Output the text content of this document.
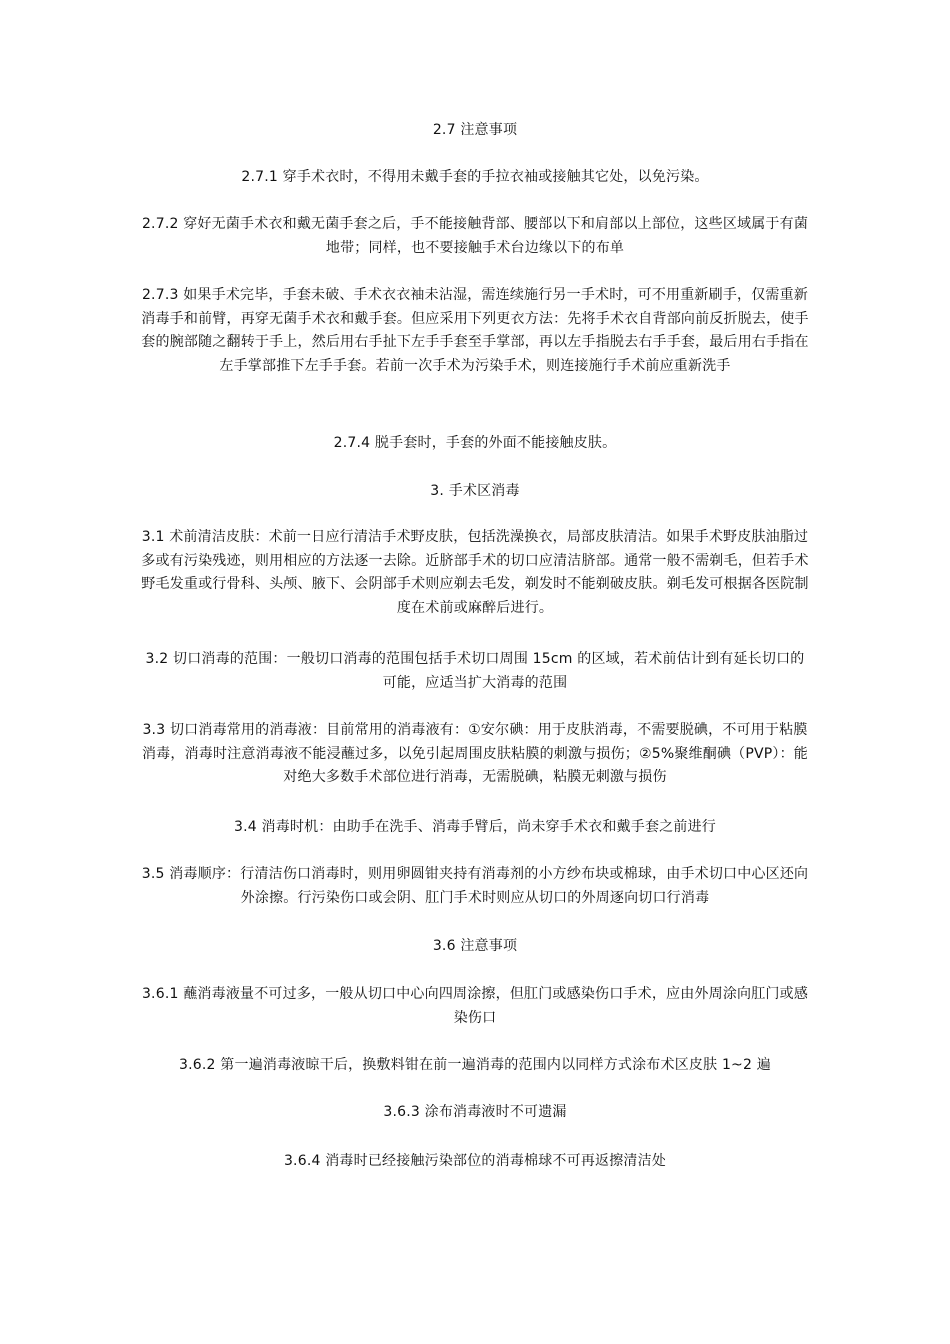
2.7 注意事项

2.7.1 穿手术衣时，不得用未戴手套的手拉衣袖或接触其它处，以免污染。

2.7.2 穿好无菌手术衣和戴无菌手套之后，手不能接触背部、腰部以下和肩部以上部位，这些区域属于有菌地带；同样，也不要接触手术台边缘以下的布单

2.7.3 如果手术完毕，手套未破、手术衣衣袖未沾湿，需连续施行另一手术时，可不用重新刷手，仅需重新消毒手和前臂，再穿无菌手术衣和戴手套。但应采用下列更衣方法：先将手术衣自背部向前反折脱去，使手套的腕部随之翻转于手上，然后用右手扯下左手手套至手掌部，再以左手指脱去右手手套，最后用右手指在左手掌部推下左手手套。若前一次手术为污染手术，则连接施行手术前应重新洗手

2.7.4 脱手套时，手套的外面不能接触皮肤。

3. 手术区消毒

3.1 术前清洁皮肤：术前一日应行清洁手术野皮肤，包括洗澡换衣，局部皮肤清洁。如果手术野皮肤油脂过多或有污染残迹，则用相应的方法逐一去除。近脐部手术的切口应清洁脐部。通常一般不需剃毛，但若手术野毛发重或行骨科、头颅、腋下、会阴部手术则应剃去毛发，剃发时不能剃破皮肤。剃毛发可根据各医院制度在术前或麻醉后进行。

3.2 切口消毒的范围：一般切口消毒的范围包括手术切口周围 15cm 的区域，若术前估计到有延长切口的可能，应适当扩大消毒的范围

3.3 切口消毒常用的消毒液：目前常用的消毒液有：①安尔碘：用于皮肤消毒，不需要脱碘，不可用于粘膜消毒，消毒时注意消毒液不能浸蘸过多，以免引起周围皮肤粘膜的刺激与损伤；②5%聚维酮碘（PVP）：能对绝大多数手术部位进行消毒，无需脱碘，粘膜无刺激与损伤

3.4 消毒时机：由助手在洗手、消毒手臂后，尚未穿手术衣和戴手套之前进行

3.5 消毒顺序：行清洁伤口消毒时，则用卵圆钳夹持有消毒剂的小方纱布块或棉球，由手术切口中心区还向外涂擦。行污染伤口或会阴、肛门手术时则应从切口的外周逐向切口行消毒

3.6 注意事项

3.6.1 蘸消毒液量不可过多，一般从切口中心向四周涂擦，但肛门或感染伤口手术，应由外周涂向肛门或感染伤口

3.6.2 第一遍消毒液晾干后，换敷料钳在前一遍消毒的范围内以同样方式涂布术区皮肤 1~2 遍

3.6.3 涂布消毒液时不可遗漏

3.6.4 消毒时已经接触污染部位的消毒棉球不可再返擦清洁处
